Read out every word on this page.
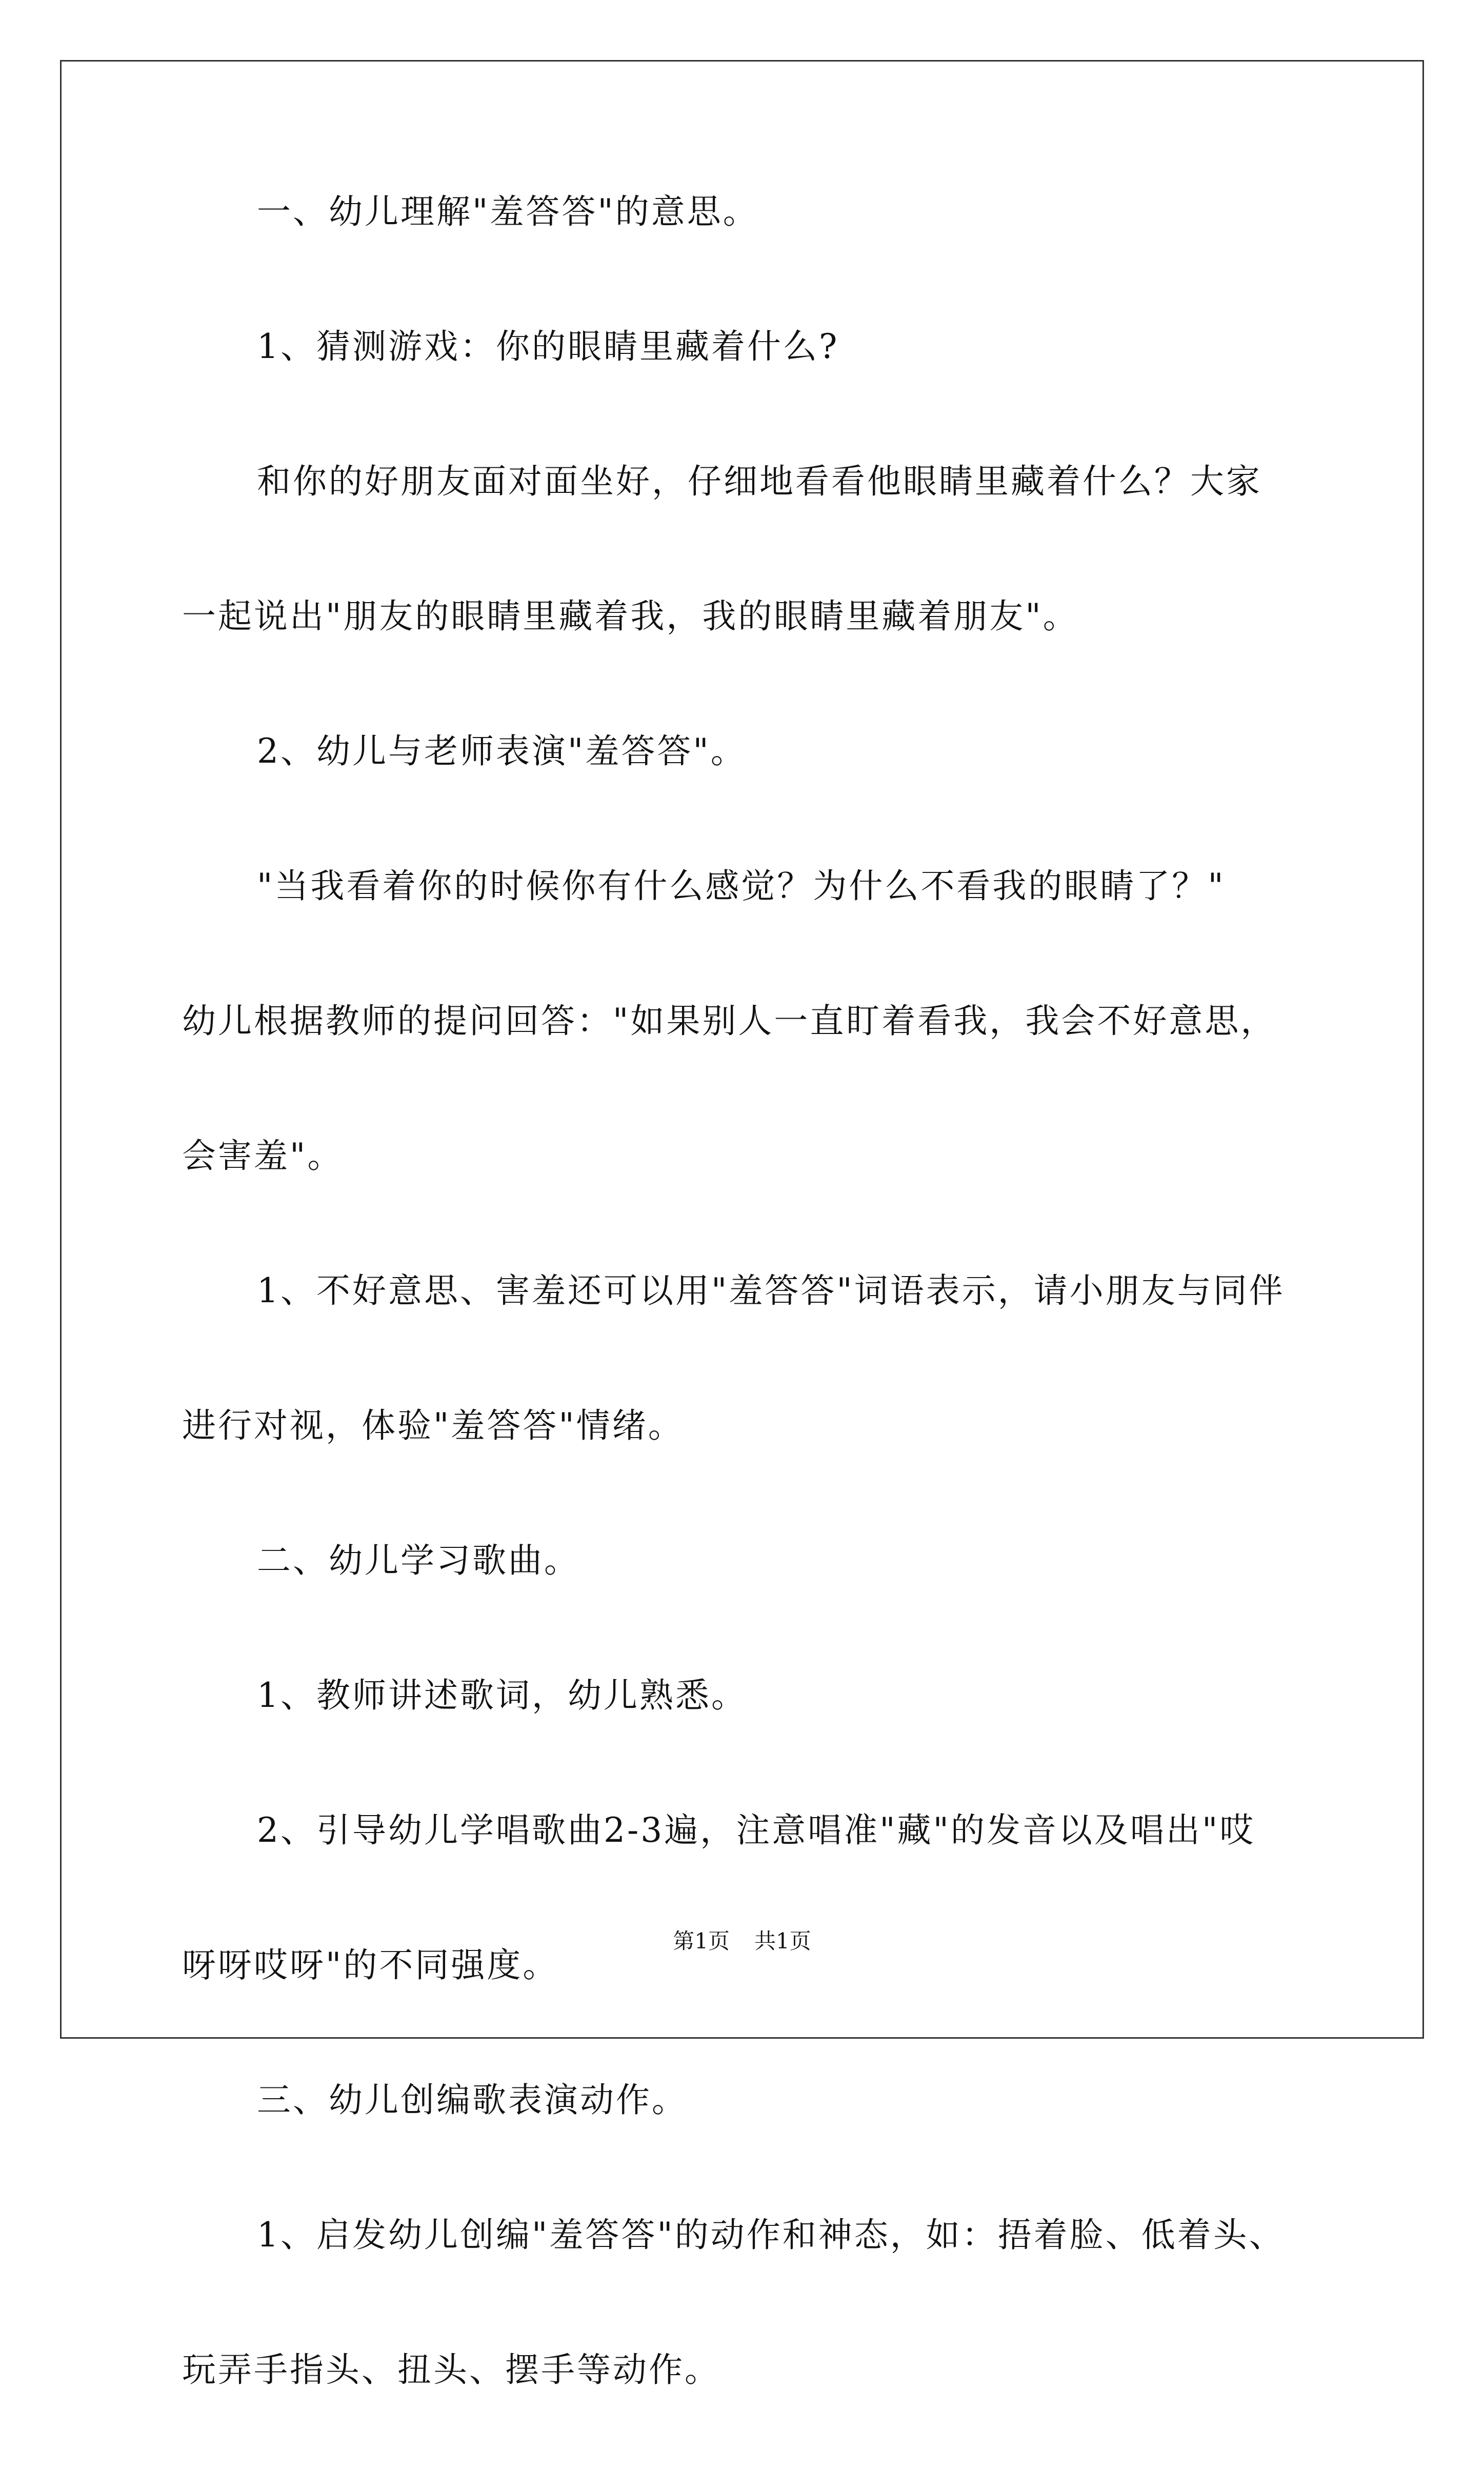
一、幼儿理解"羞答答"的意思。
1、猜测游戏：你的眼睛里藏着什么?
和你的好朋友面对面坐好，仔细地看看他眼睛里藏着什么？大家
一起说出"朋友的眼睛里藏着我，我的眼睛里藏着朋友"。
2、幼儿与老师表演"羞答答"。
"当我看着你的时候你有什么感觉？为什么不看我的眼睛了？"
幼儿根据教师的提问回答："如果别人一直盯着看我，我会不好意思，
会害羞"。
1、不好意思、害羞还可以用"羞答答"词语表示，请小朋友与同伴
进行对视，体验"羞答答"情绪。
二、幼儿学习歌曲。
1、教师讲述歌词，幼儿熟悉。
2、引导幼儿学唱歌曲2-3遍，注意唱准"藏"的发音以及唱出"哎
呀呀哎呀"的不同强度。
三、幼儿创编歌表演动作。
1、启发幼儿创编"羞答答"的动作和神态，如：捂着脸、低着头、
玩弄手指头、扭头、摆手等动作。

第1页 共1页
